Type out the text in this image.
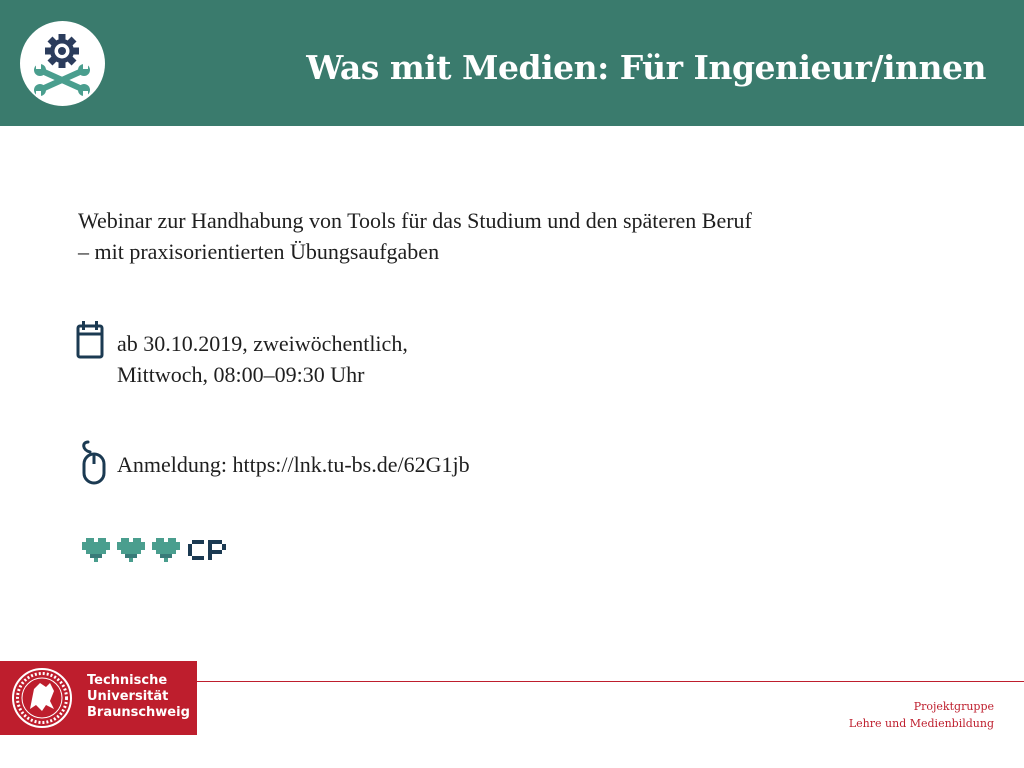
Was mit Medien: Für Ingenieur/innen
Webinar zur Handhabung von Tools für das Studium und den späteren Beruf
– mit praxisorientierten Übungsaufgaben
ab 30.10.2019, zweiwöchentlich,
Mittwoch, 08:00–09:30 Uhr
Anmeldung: https://lnk.tu-bs.de/62G1jb
Technische
Universität
Braunschweig	Projektgruppe
Lehre und Medienbildung
